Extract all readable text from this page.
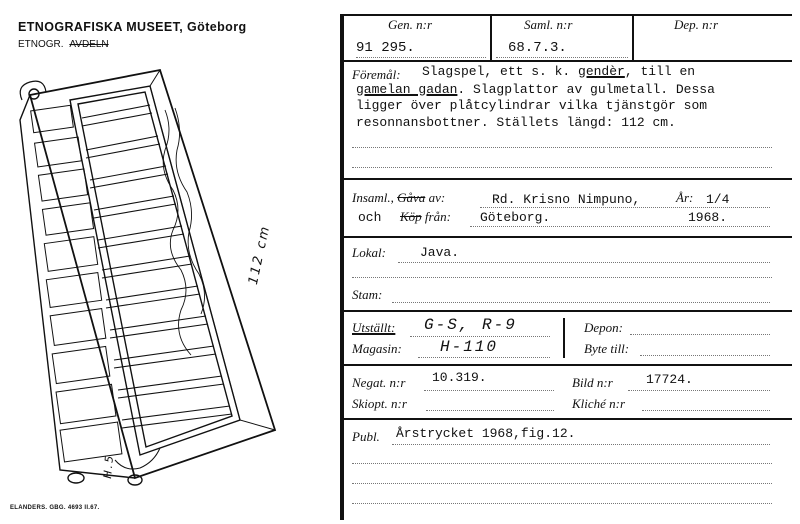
ETNOGRAFISKA MUSEET, Göteborg
ETNOGR. AVDELN
112 cm
H.5
ELANDERS. GBG. 4693 II.67.
Gen. n:r	Saml. n:r	Dep. n:r
91 295.	68.7.3.
Föremål: Slagspel, ett s. k. gendèr, till en
gamelan gadan. Slagplattor av gulmetall. Dessa
ligger över plåtcylindrar vilka tjänstgör som
resonnansbottner. Ställets längd: 112 cm.
Insaml., Gåva av:	Rd. Krisno Nimpuno,	År: 1/4
och Köp från: Göteborg.	1968.
Lokal:	Java.
Stam:
Utställt: G-S, R-9
Magasin: H-110
Depon:
Byte till:
Negat. n:r 10.319.	Bild n:r	17724.
Skiopt. n:r	Kliché n:r
Publ. Årstrycket 1968,fig.12.
